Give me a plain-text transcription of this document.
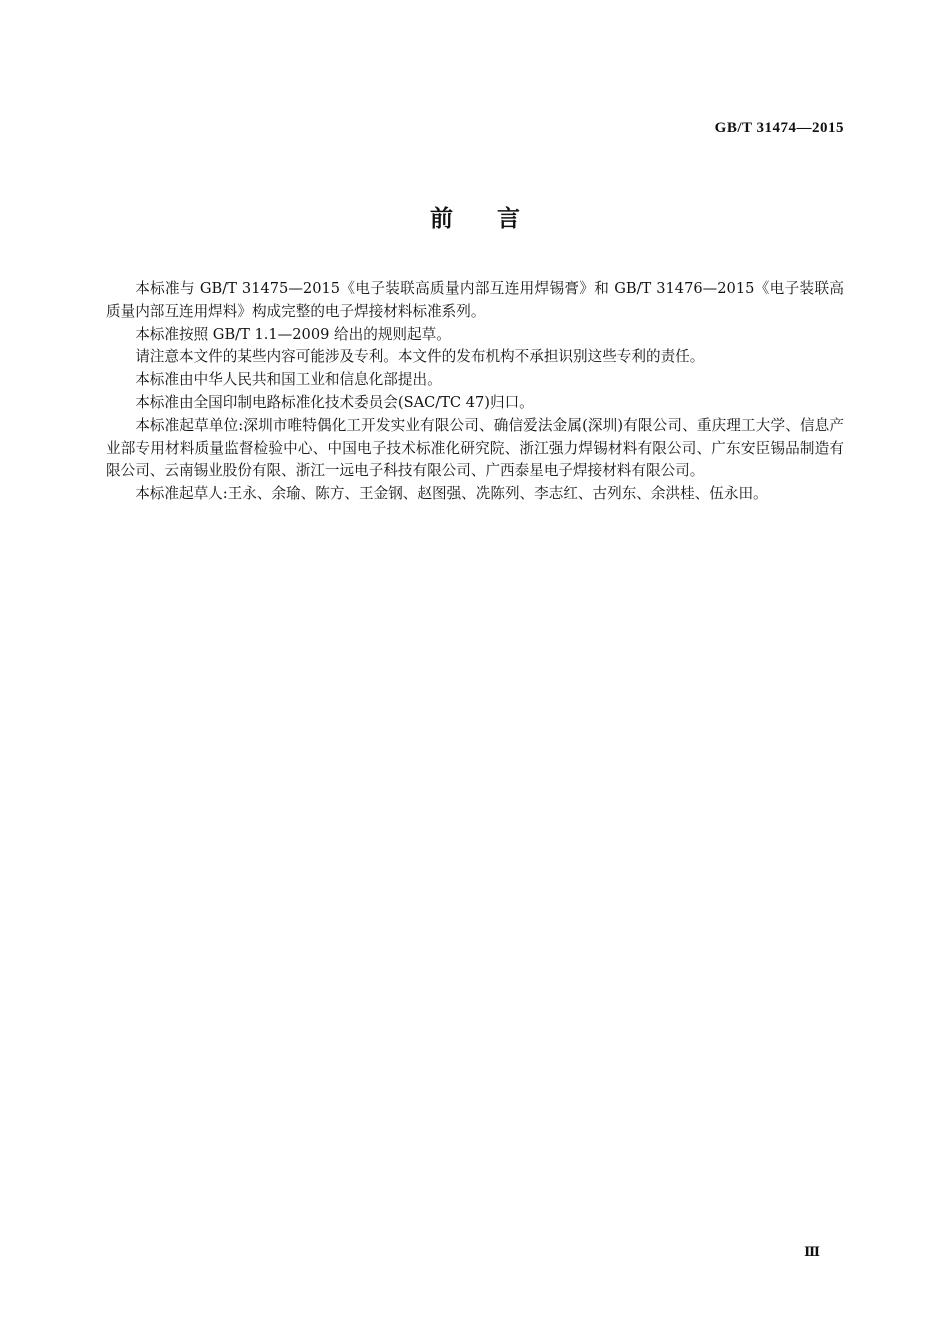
GB/T 31474—2015
前 言

本标准与 GB/T 31475—2015《电子装联高质量内部互连用焊锡膏》和 GB/T 31476—2015《电子装联高质量内部互连用焊料》构成完整的电子焊接材料标准系列。

本标准按照 GB/T 1.1—2009 给出的规则起草。

请注意本文件的某些内容可能涉及专利。本文件的发布机构不承担识别这些专利的责任。

本标准由中华人民共和国工业和信息化部提出。

本标准由全国印制电路标准化技术委员会(SAC/TC 47)归口。

本标准起草单位:深圳市唯特偶化工开发实业有限公司、确信爱法金属(深圳)有限公司、重庆理工大学、信息产业部专用材料质量监督检验中心、中国电子技术标准化研究院、浙江强力焊锡材料有限公司、广东安臣锡品制造有限公司、云南锡业股份有限、浙江一远电子科技有限公司、广西泰星电子焊接材料有限公司。

本标准起草人:王永、余瑜、陈方、王金钢、赵图强、冼陈列、李志红、古列东、余洪桂、伍永田。

Ⅲ
